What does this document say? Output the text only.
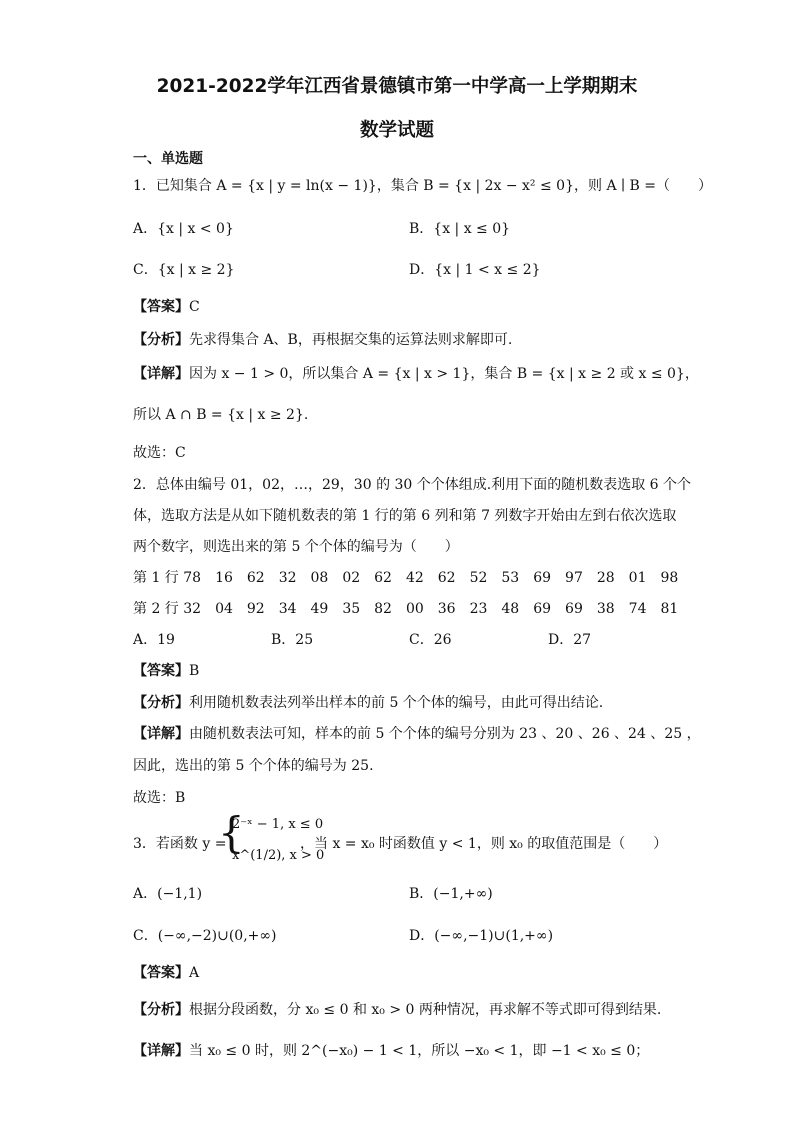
2021-2022学年江西省景德镇市第一中学高一上学期期末
数学试题
一、单选题
1．已知集合 A = {x | y = ln(x − 1)}，集合 B = {x | 2x − x² ≤ 0}，则 A ∣ B =（　　）
A．{x | x < 0}	B．{x | x ≤ 0}
C．{x | x ≥ 2}	D．{x | 1 < x ≤ 2}
【答案】C
【分析】先求得集合 A、B，再根据交集的运算法则求解即可.
【详解】因为 x − 1 > 0，所以集合 A = {x | x > 1}，集合 B = {x | x ≥ 2 或 x ≤ 0}，
所以 A ∩ B = {x | x ≥ 2}.
故选：C
2．总体由编号 01，02，…，29，30 的 30 个个体组成.利用下面的随机数表选取 6 个个
体，选取方法是从如下随机数表的第 1 行的第 6 列和第 7 列数字开始由左到右依次选取
两个数字，则选出来的第 5 个个体的编号为（　　）
第 1 行 78　16　62　32　08　02　62　42　62　52　53　69　97　28　01　98
第 2 行 32　04　92　34　49　35　82　00　36　23　48　69　69　38　74　81
A．19	B．25	C．26	D．27
【答案】B
【分析】利用随机数表法列举出样本的前 5 个个体的编号，由此可得出结论.
【详解】由随机数表法可知，样本的前 5 个个体的编号分别为 23 、20 、26 、24 、25 ，
因此，选出的第 5 个个体的编号为 25.
故选：B
3．若函数 y =
{
2⁻ˣ − 1, x ≤ 0
x^(1/2), x > 0
，当 x = x₀ 时函数值 y < 1，则 x₀ 的取值范围是（　　）
A．(−1,1)	B．(−1,+∞)
C．(−∞,−2)∪(0,+∞)	D．(−∞,−1)∪(1,+∞)
【答案】A
【分析】根据分段函数，分 x₀ ≤ 0 和 x₀ > 0 两种情况，再求解不等式即可得到结果.
【详解】当 x₀ ≤ 0 时，则 2^(−x₀) − 1 < 1，所以 −x₀ < 1，即 −1 < x₀ ≤ 0；
